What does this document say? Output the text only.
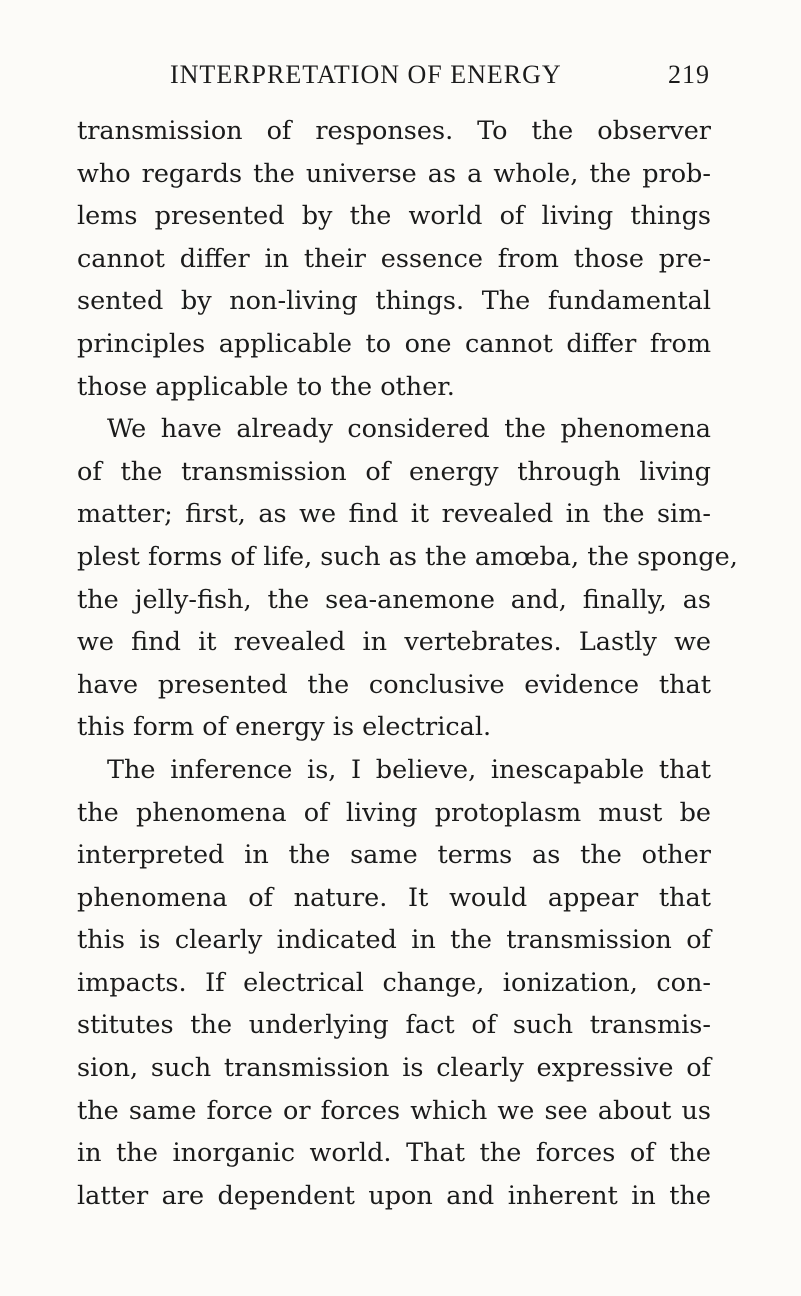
INTERPRETATION OF ENERGY	219
transmission of responses. To the observer
who regards the universe as a whole, the prob-
lems presented by the world of living things
cannot differ in their essence from those pre-
sented by non-living things. The fundamental
principles applicable to one cannot differ from
those applicable to the other.
We have already considered the phenomena
of the transmission of energy through living
matter; first, as we find it revealed in the sim-
plest forms of life, such as the amœba, the sponge,
the jelly-fish, the sea-anemone and, finally, as
we find it revealed in vertebrates. Lastly we
have presented the conclusive evidence that
this form of energy is electrical.
The inference is, I believe, inescapable that
the phenomena of living protoplasm must be
interpreted in the same terms as the other
phenomena of nature. It would appear that
this is clearly indicated in the transmission of
impacts. If electrical change, ionization, con-
stitutes the underlying fact of such transmis-
sion, such transmission is clearly expressive of
the same force or forces which we see about us
in the inorganic world. That the forces of the
latter are dependent upon and inherent in the
